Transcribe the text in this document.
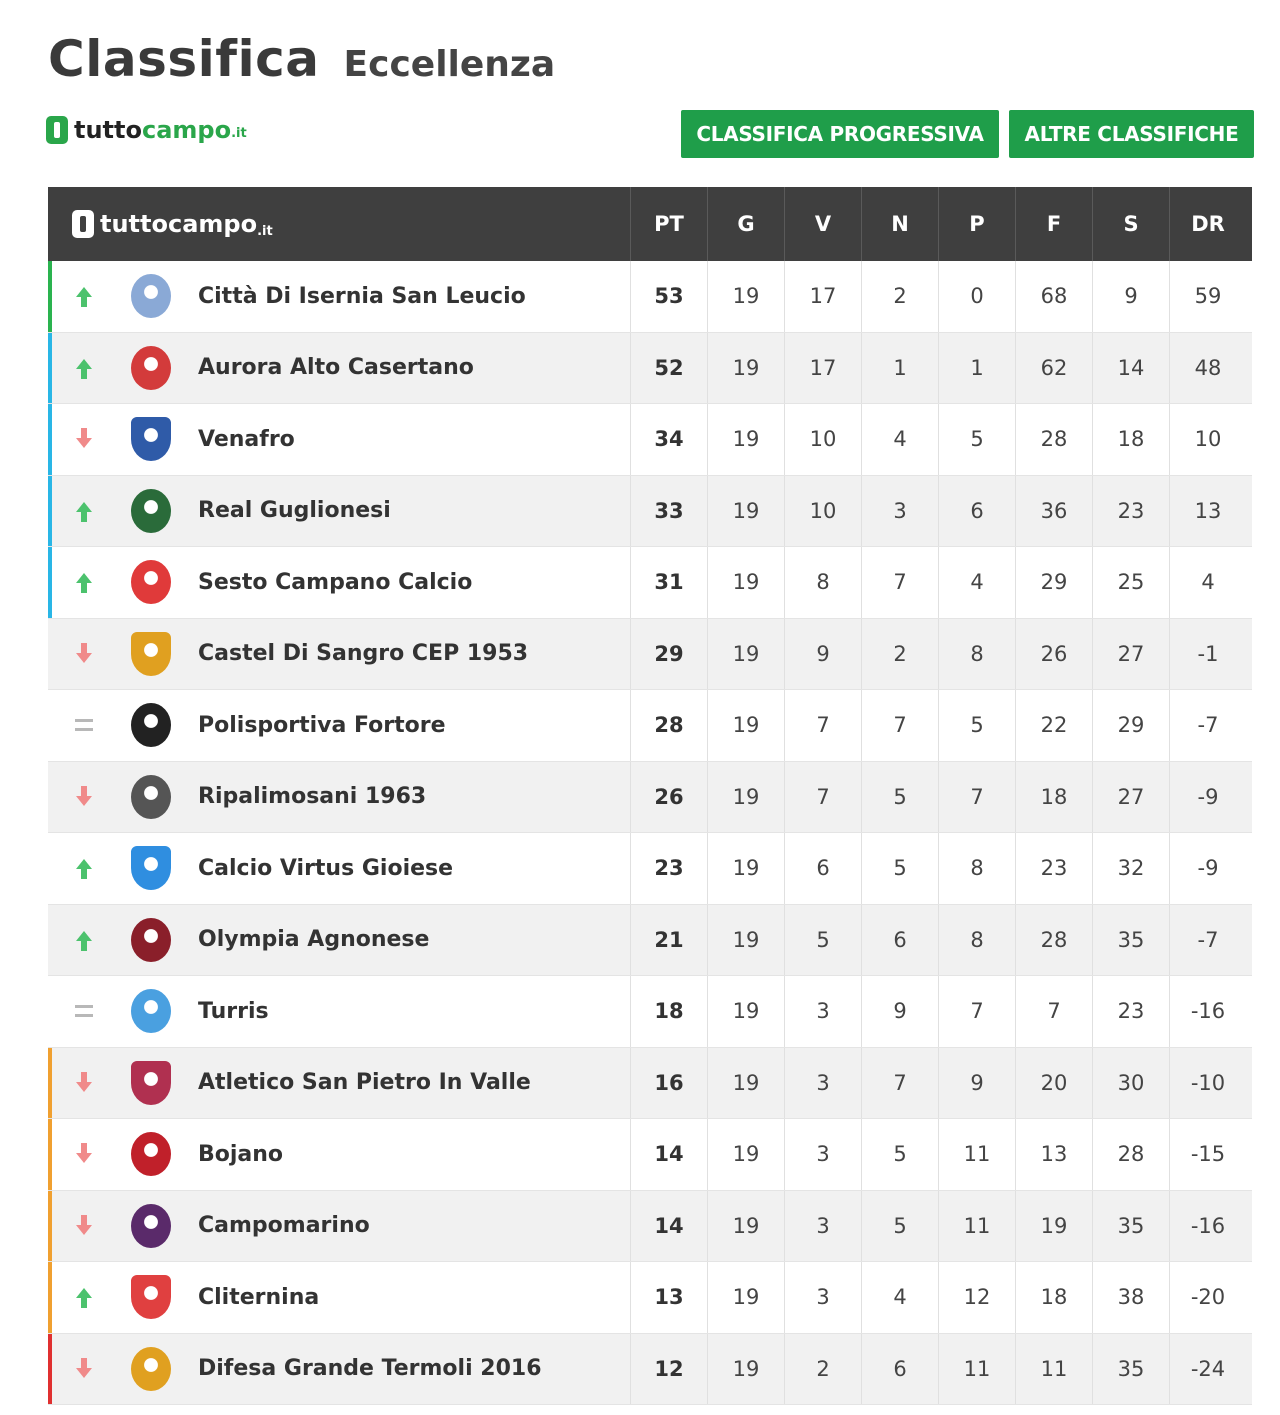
Classifica Eccellenza
tutto campo .it	CLASSIFICA PROGRESSIVA	ALTRE CLASSIFICHE
tuttocampo .it	PT	G	V	N	P	F	S	DR
Città Di Isernia San Leucio	53	19	17	2	0	68	9	59
Aurora Alto Casertano	52	19	17	1	1	62	14	48
Venafro	34	19	10	4	5	28	18	10
Real Guglionesi	33	19	10	3	6	36	23	13
Sesto Campano Calcio	31	19	8	7	4	29	25	4
Castel Di Sangro CEP 1953	29	19	9	2	8	26	27	-1
Polisportiva Fortore	28	19	7	7	5	22	29	-7
Ripalimosani 1963	26	19	7	5	7	18	27	-9
Calcio Virtus Gioiese	23	19	6	5	8	23	32	-9
Olympia Agnonese	21	19	5	6	8	28	35	-7
Turris	18	19	3	9	7	7	23	-16
Atletico San Pietro In Valle	16	19	3	7	9	20	30	-10
Bojano	14	19	3	5	11	13	28	-15
Campomarino	14	19	3	5	11	19	35	-16
Cliternina	13	19	3	4	12	18	38	-20
Difesa Grande Termoli 2016	12	19	2	6	11	11	35	-24
